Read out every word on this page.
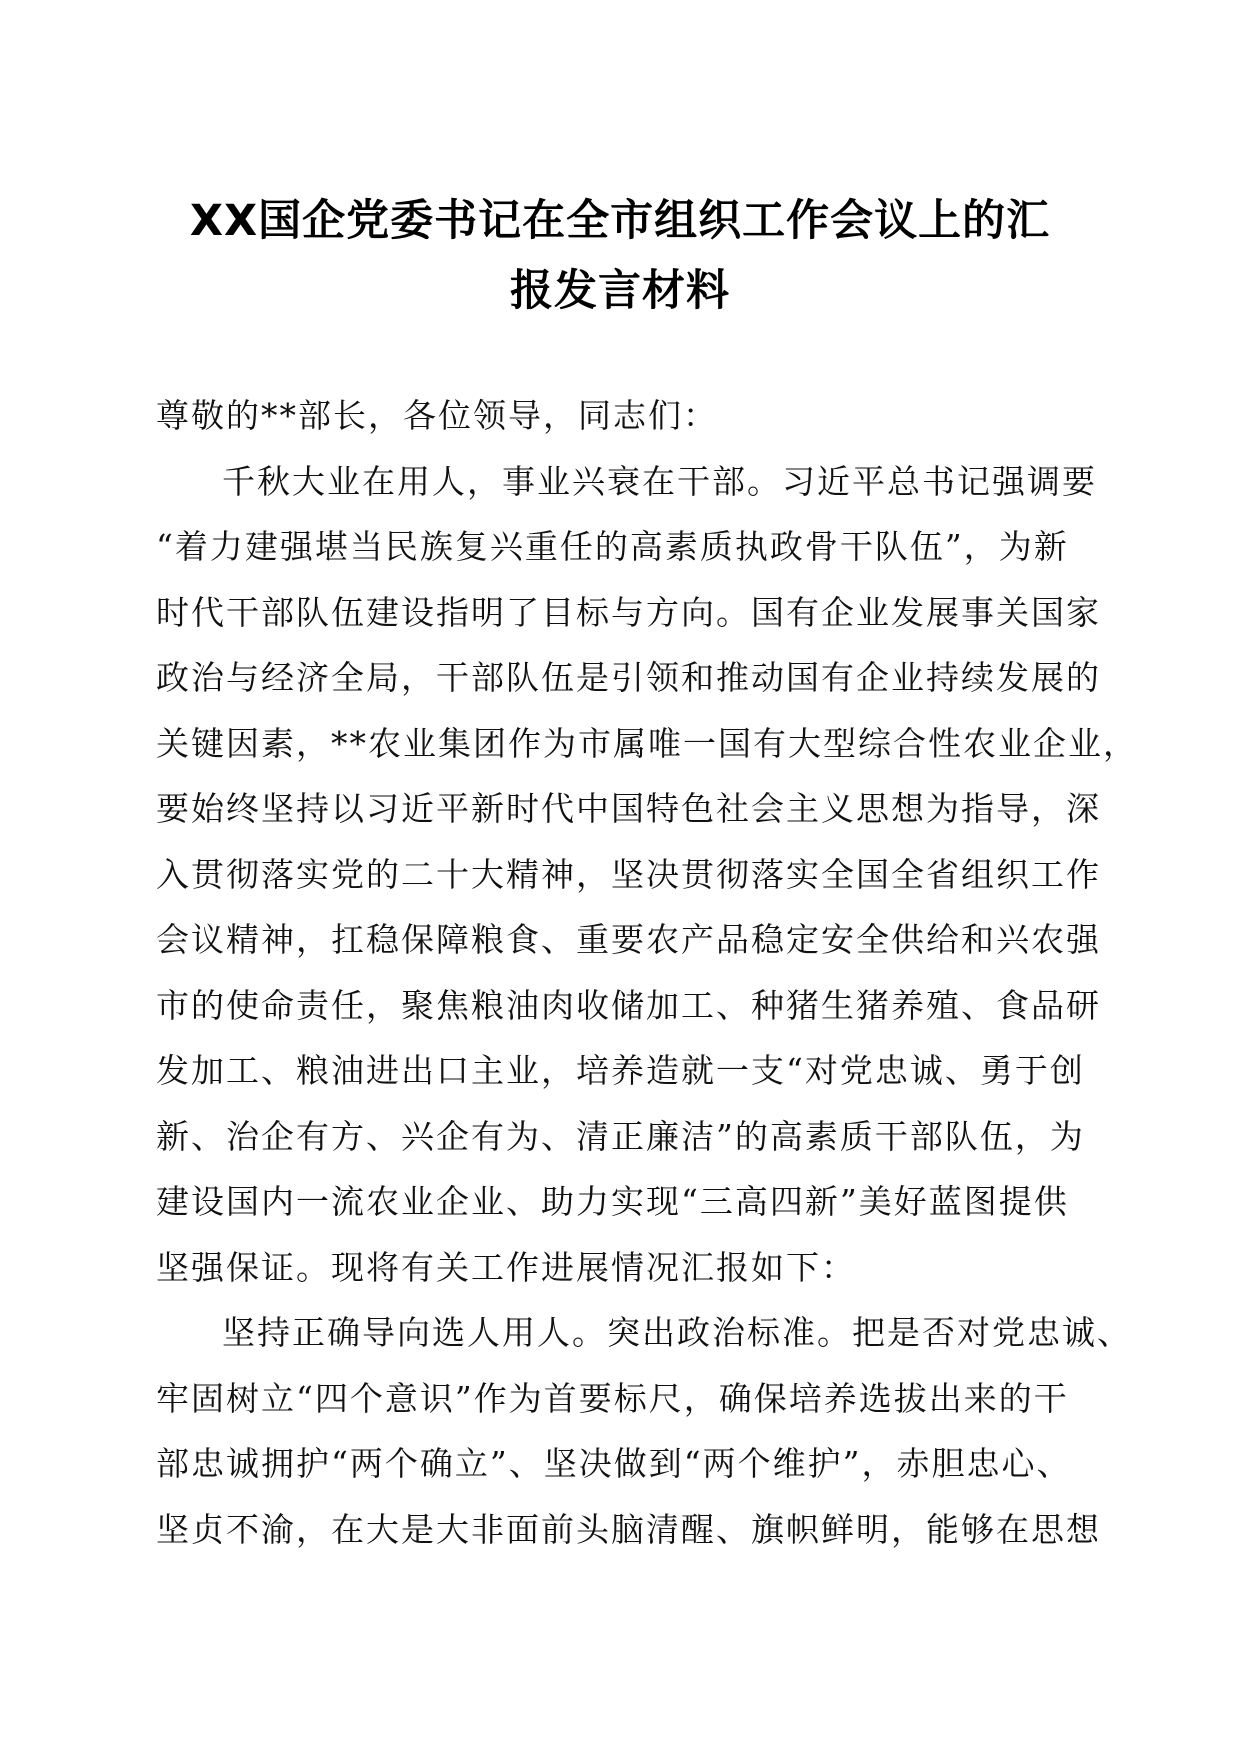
XX国企党委书记在全市组织工作会议上的汇
报发言材料
尊敬的**部长，各位领导，同志们：
千秋大业在用人，事业兴衰在干部。习近平总书记强调要
“着力建强堪当民族复兴重任的高素质执政骨干队伍”，为新
时代干部队伍建设指明了目标与方向。国有企业发展事关国家
政治与经济全局，干部队伍是引领和推动国有企业持续发展的
关键因素，**农业集团作为市属唯一国有大型综合性农业企业，
要始终坚持以习近平新时代中国特色社会主义思想为指导，深
入贯彻落实党的二十大精神，坚决贯彻落实全国全省组织工作
会议精神，扛稳保障粮食、重要农产品稳定安全供给和兴农强
市的使命责任，聚焦粮油肉收储加工、种猪生猪养殖、食品研
发加工、粮油进出口主业，培养造就一支“对党忠诚、勇于创
新、治企有方、兴企有为、清正廉洁”的高素质干部队伍，为
建设国内一流农业企业、助力实现“三高四新”美好蓝图提供
坚强保证。现将有关工作进展情况汇报如下：
坚持正确导向选人用人。突出政治标准。把是否对党忠诚、
牢固树立“四个意识”作为首要标尺，确保培养选拔出来的干
部忠诚拥护“两个确立”、坚决做到“两个维护”，赤胆忠心、
坚贞不渝，在大是大非面前头脑清醒、旗帜鲜明，能够在思想
